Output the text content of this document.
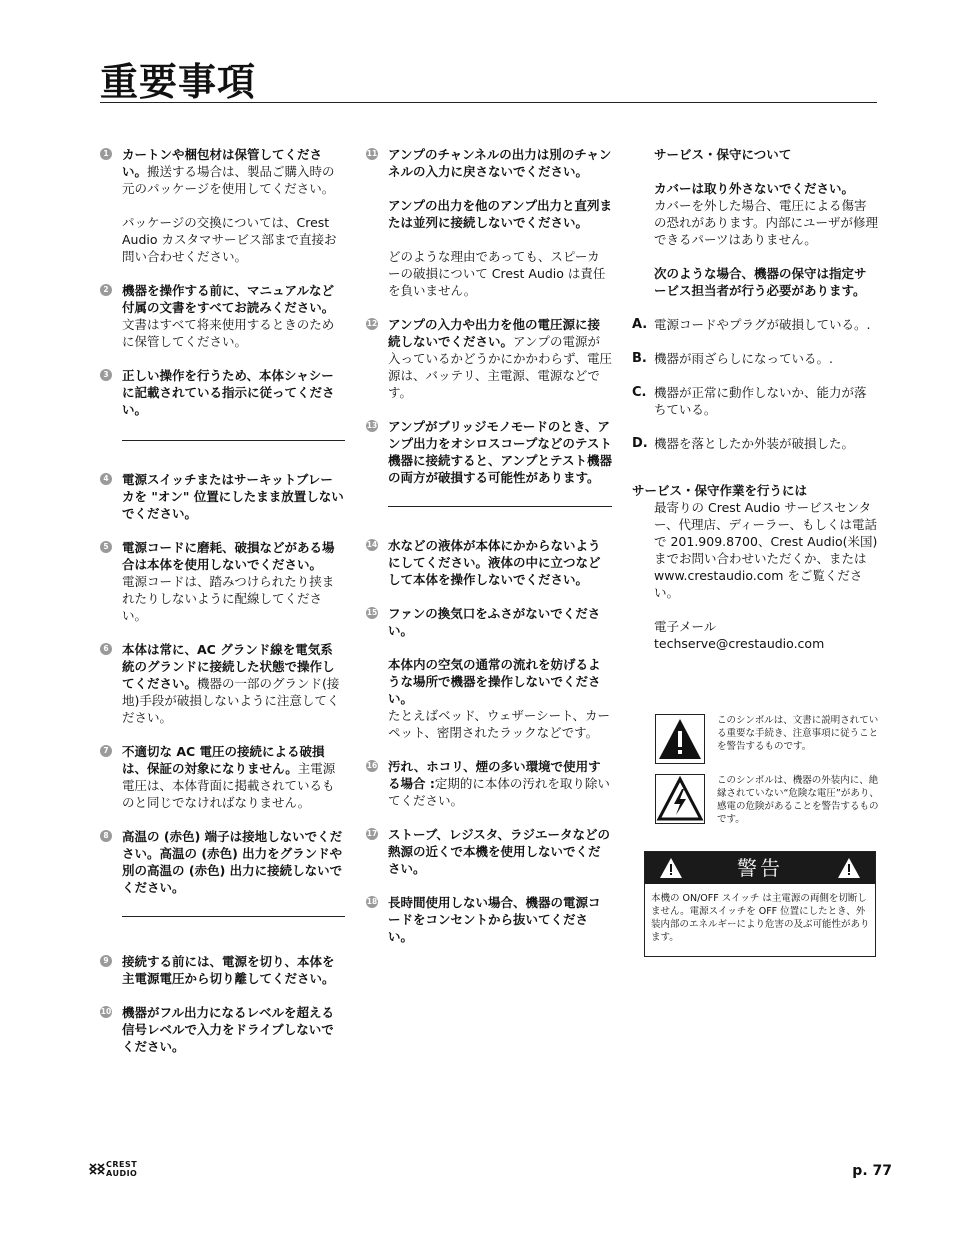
重要事項
1 カートンや梱包材は保管してください。搬送する場合は、製品ご購入時の元のパッケージを使用してください。

パッケージの交換については、Crest Audio カスタマサービス部まで直接お問い合わせください。

2 機器を操作する前に、マニュアルなど付属の文書をすべてお読みください。文書はすべて将来使用するときのために保管してください。

3 正しい操作を行うため、本体シャシーに記載されている指示に従ってください。

4 電源スイッチまたはサーキットブレーカを "オン" 位置にしたまま放置しないでください。

5 電源コードに磨耗、破損などがある場合は本体を使用しないでください。

電源コードは、踏みつけられたり挟まれたりしないように配線してください。

6 本体は常に、AC グランド線を電気系統のグランドに接続した状態で操作してください。機器の一部のグランド(接地)手段が破損しないように注意してください。

7 不適切な AC 電圧の接続による破損は、保証の対象になりません。主電源電圧は、本体背面に掲載されているものと同じでなければなりません。

8 高温の (赤色) 端子は接地しないでください。高温の (赤色) 出力をグランドや別の高温の (赤色) 出力に接続しないでください。

9 接続する前には、電源を切り、本体を主電源電圧から切り離してください。

10 機器がフル出力になるレベルを超える信号レベルで入力をドライブしないでください。

11 アンプのチャンネルの出力は別のチャンネルの入力に戻さないでください。

アンプの出力を他のアンプ出力と直列または並列に接続しないでください。

どのような理由であっても、スピーカーの破損について Crest Audio は責任を負いません。

12 アンプの入力や出力を他の電圧源に接続しないでください。アンプの電源が入っているかどうかにかかわらず、電圧源は、バッテリ、主電源、電源などです。

13 アンプがブリッジモノモードのとき、アンプ出力をオシロスコープなどのテスト機器に接続すると、アンプとテスト機器の両方が破損する可能性があります。

14 水などの液体が本体にかからないようにしてください。液体の中に立つなどして本体を操作しないでください。

15 ファンの換気口をふさがないでください。

本体内の空気の通常の流れを妨げるような場所で機器を操作しないでください。

たとえばベッド、ウェザーシート、カーペット、密閉されたラックなどです。

16 汚れ、ホコリ、煙の多い環境で使用する場合 :定期的に本体の汚れを取り除いてください。

17 ストーブ、レジスタ、ラジエータなどの熱源の近くで本機を使用しないでください。

18 長時間使用しない場合、機器の電源コードをコンセントから抜いてください。

サービス・保守について

カバーは取り外さないでください。

カバーを外した場合、電圧による傷害の恐れがあります。内部にユーザが修理できるパーツはありません。

次のような場合、機器の保守は指定サービス担当者が行う必要があります。

A. 電源コードやプラグが破損している。.

B. 機器が雨ざらしになっている。.

C. 機器が正常に動作しないか、能力が落ちている。

D. 機器を落としたか外装が破損した。

サービス・保守作業を行うには

最寄りの Crest Audio サービスセンター、代理店、ディーラー、もしくは電話で 201.909.8700、Crest Audio(米国)までお問い合わせいただくか、または www.crestaudio.com をご覧ください。

電子メール

techserve@crestaudio.com

このシンボルは、文書に説明されている重要な手続き、注意事項に従うことを警告するものです。
このシンボルは、機器の外装内に、絶縁されていない“危険な電圧”があり、感電の危険があることを警告するものです。
警告
本機の ON/OFF スイッチ は主電源の両側を切断しません。電源スイッチを OFF 位置にしたとき、外装内部のエネルギーにより危害の及ぶ可能性があります。
CREST
AUDIO	p. 77
